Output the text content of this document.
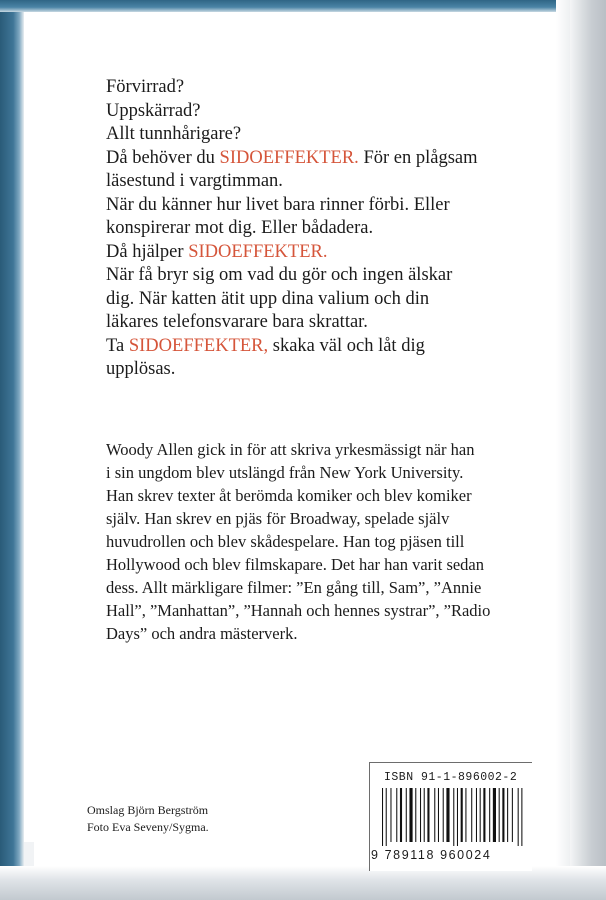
Förvirrad?

Uppskärrad?

Allt tunnhårigare?

Då behöver du SIDOEFFEKTER. För en plågsam

läsestund i vargtimman.

När du känner hur livet bara rinner förbi. Eller

konspirerar mot dig. Eller bådadera.

Då hjälper SIDOEFFEKTER.

När få bryr sig om vad du gör och ingen älskar

dig. När katten ätit upp dina valium och din

läkares telefonsvarare bara skrattar.

Ta SIDOEFFEKTER, skaka väl och låt dig

upplösas.

Woody Allen gick in för att skriva yrkesmässigt när han
i sin ungdom blev utslängd från New York University.
Han skrev texter åt berömda komiker och blev komiker
själv. Han skrev en pjäs för Broadway, spelade själv
huvudrollen och blev skådespelare. Han tog pjäsen till
Hollywood och blev filmskapare. Det har han varit sedan
dess. Allt märkligare filmer: ”En gång till, Sam”, ”Annie
Hall”, ”Manhattan”, ”Hannah och hennes systrar”, ”Radio
Days” och andra mästerverk.
Omslag Björn Bergström
Foto Eva Seveny/Sygma.
ISBN 91-1-896002-2
9 789118 960024
